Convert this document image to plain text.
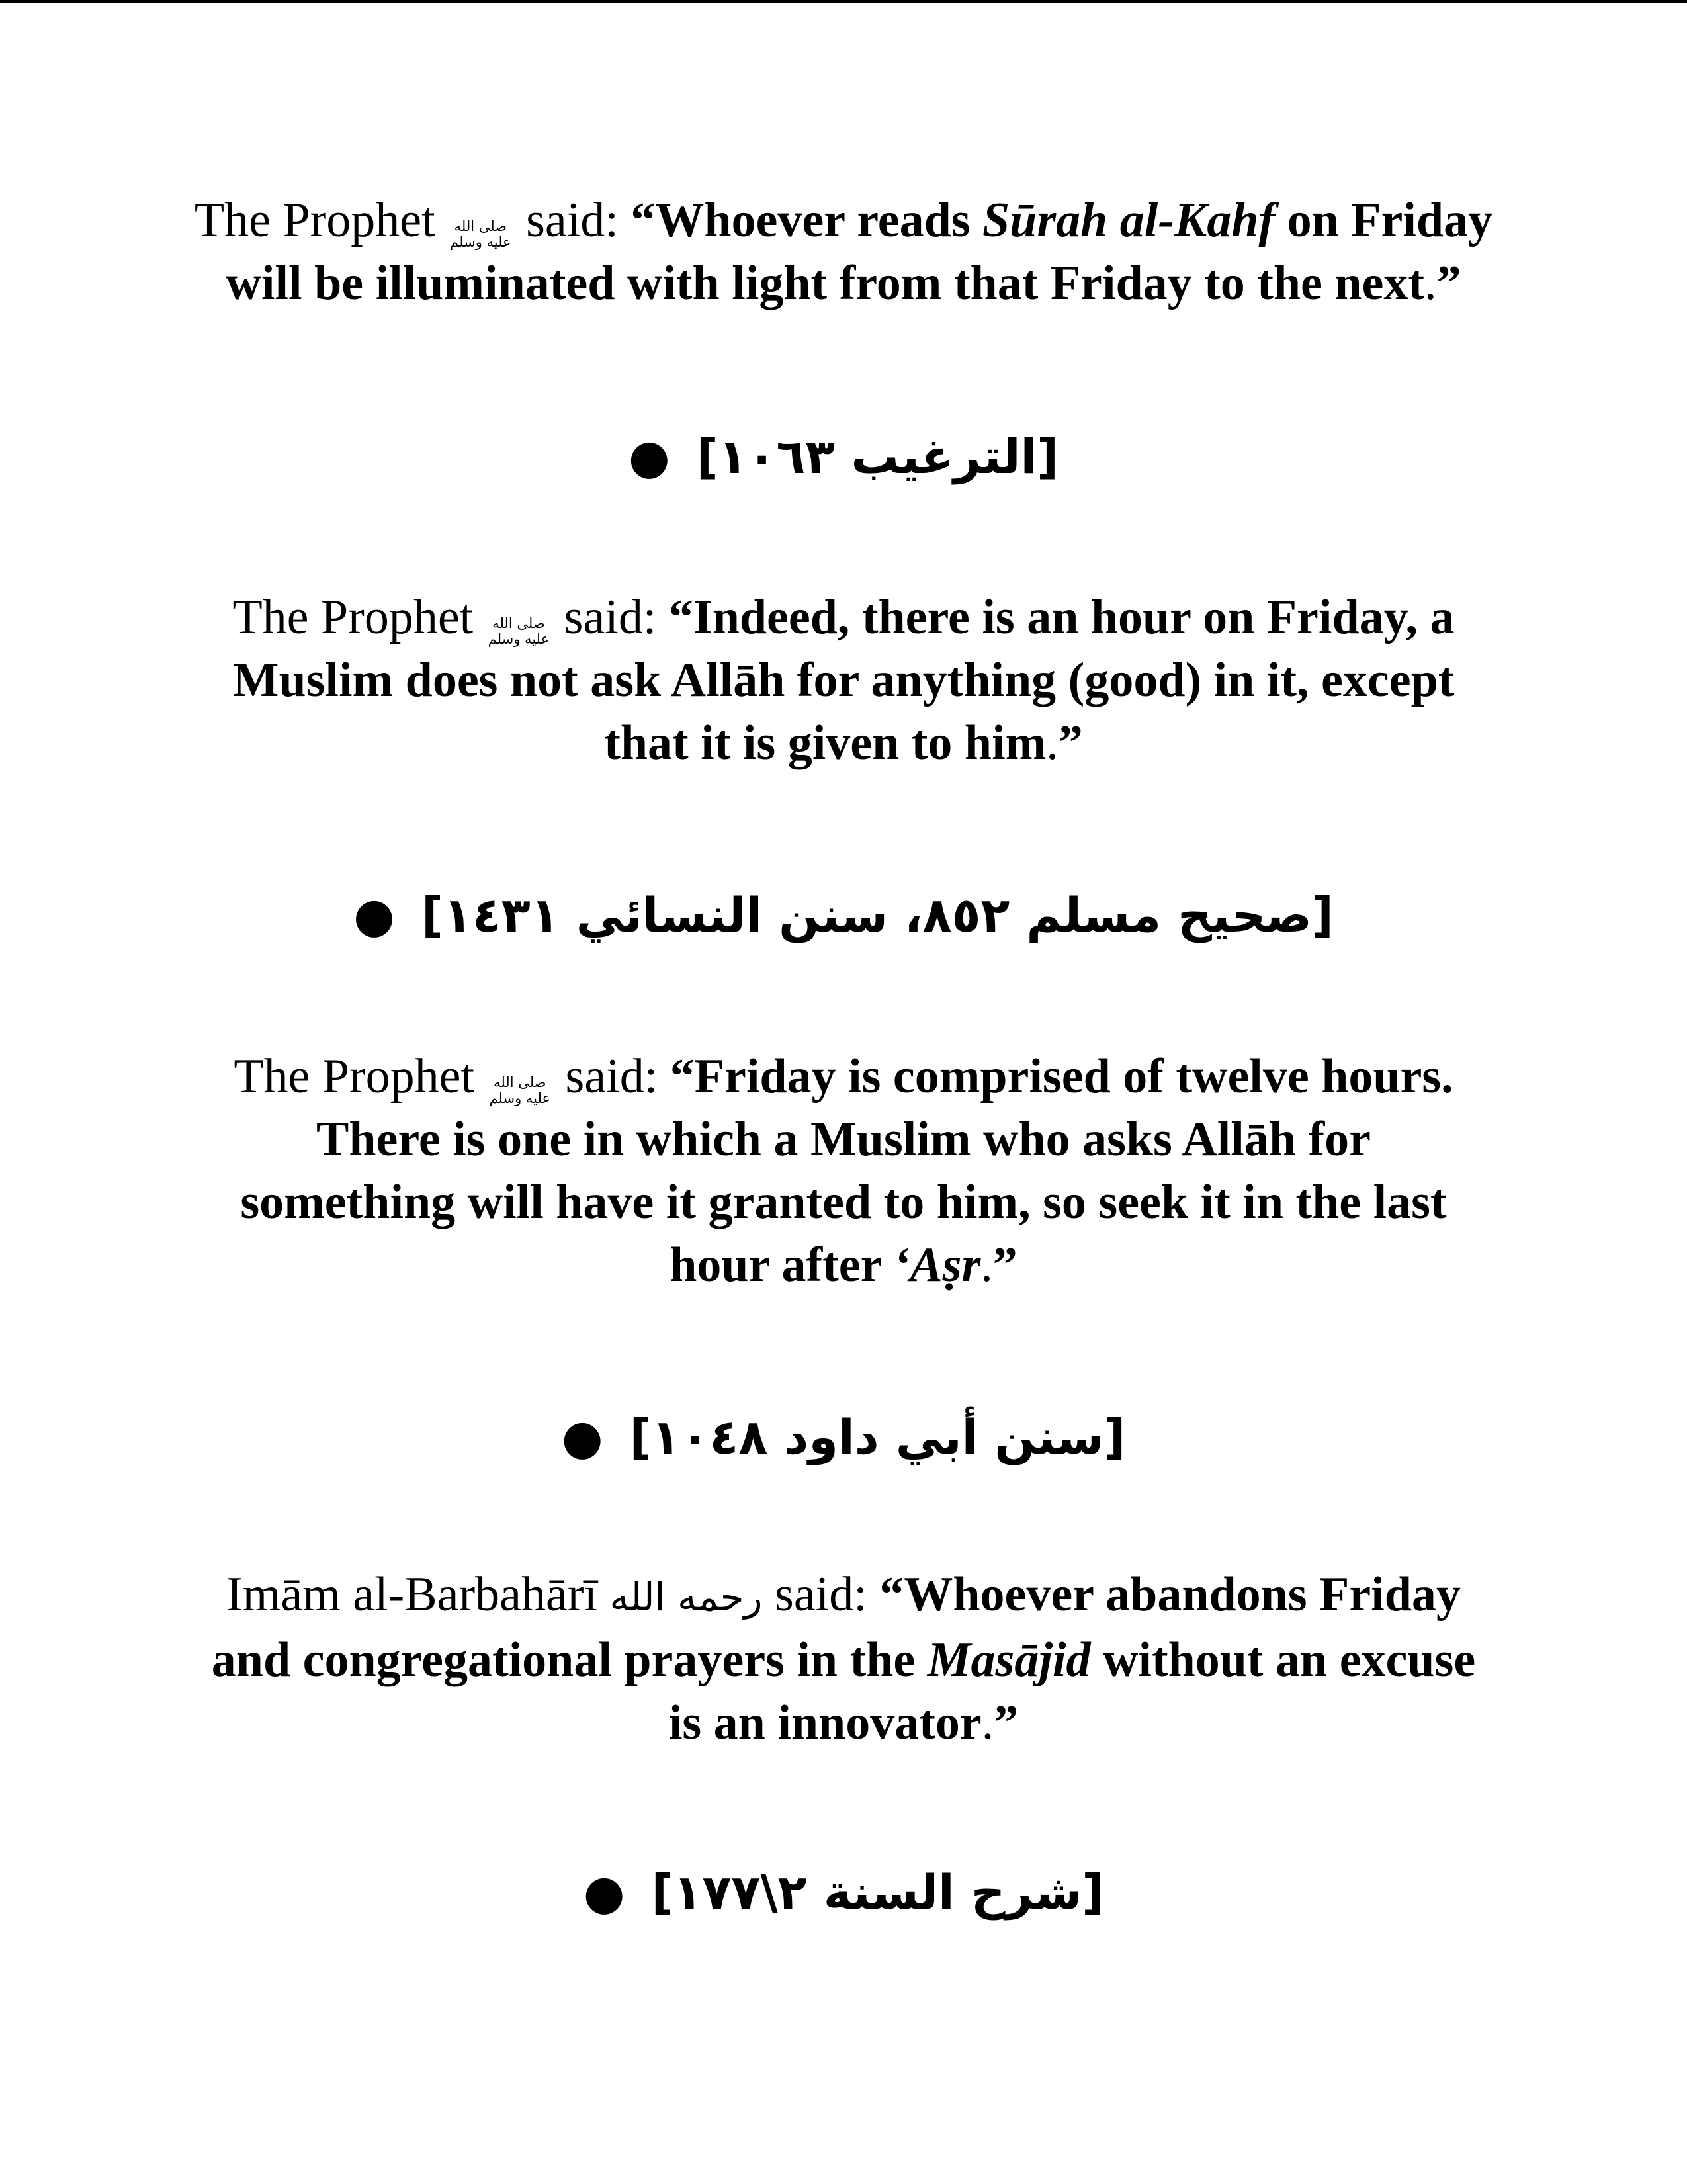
The Prophet صلى الله
عليه وسلم said: “Whoever reads Sūrah al-Kahf on Friday
will be illuminated with light from that Friday to the next.”
[الترغيب ١٠٦٣]●
The Prophet صلى الله
عليه وسلم said: “Indeed, there is an hour on Friday, a
Muslim does not ask Allāh for anything (good) in it, except
that it is given to him.”
[صحيح مسلم ٨٥٢، سنن النسائي ١٤٣١]●
The Prophet صلى الله
عليه وسلم said: “Friday is comprised of twelve hours.
There is one in which a Muslim who asks Allāh for
something will have it granted to him, so seek it in the last
hour after ‘Aṣr.”
[سنن أبي داود ١٠٤٨]●
Imām al-Barbahārī رحمه الله said: “Whoever abandons Friday
and congregational prayers in the Masājid without an excuse
is an innovator.”
[شرح السنة ٢\١٧٧]●
